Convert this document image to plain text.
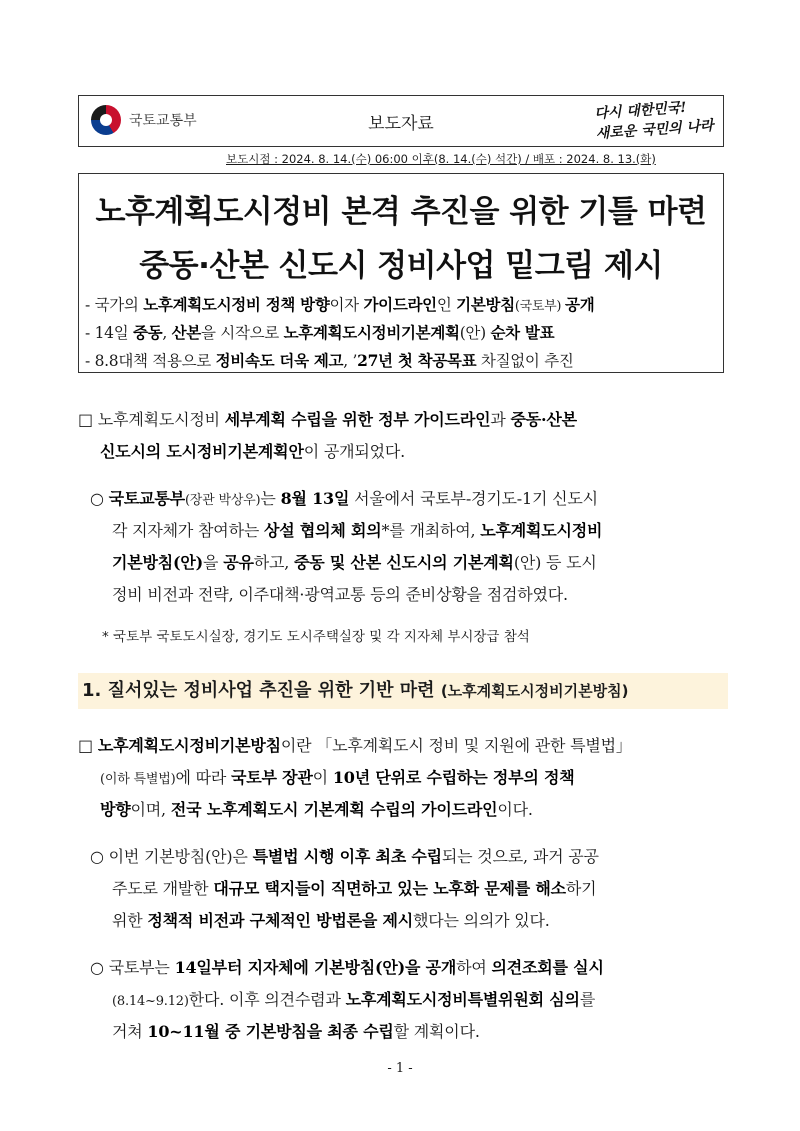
국토교통부	보도자료
다시 대한민국!
새로운 국민의 나라
보도시점 : 2024. 8. 14.(수) 06:00 이후(8. 14.(수) 석간) / 배포 : 2024. 8. 13.(화)
노후계획도시정비 본격 추진을 위한 기틀 마련
중동·산본 신도시 정비사업 밑그림 제시
- 국가의 노후계획도시정비 정책 방향이자 가이드라인인 기본방침(국토부) 공개
- 14일 중동, 산본을 시작으로 노후계획도시정비기본계획(안) 순차 발표
- 8.8대책 적용으로 정비속도 더욱 제고, ’27년 첫 착공목표 차질없이 추진
□ 노후계획도시정비 세부계획 수립을 위한 정부 가이드라인과 중동·산본
신도시의 도시정비기본계획안이 공개되었다.
○ 국토교통부(장관 박상우)는 8월 13일 서울에서 국토부-경기도-1기 신도시
각 지자체가 참여하는 상설 협의체 회의*를 개최하여, 노후계획도시정비
기본방침(안)을 공유하고, 중동 및 산본 신도시의 기본계획(안) 등 도시
정비 비전과 전략, 이주대책·광역교통 등의 준비상황을 점검하였다.
* 국토부 국토도시실장, 경기도 도시주택실장 및 각 지자체 부시장급 참석
1. 질서있는 정비사업 추진을 위한 기반 마련 (노후계획도시정비기본방침)
□ 노후계획도시정비기본방침이란 「노후계획도시 정비 및 지원에 관한 특별법」
(이하 특별법)에 따라 국토부 장관이 10년 단위로 수립하는 정부의 정책
방향이며, 전국 노후계획도시 기본계획 수립의 가이드라인이다.
○ 이번 기본방침(안)은 특별법 시행 이후 최초 수립되는 것으로, 과거 공공
주도로 개발한 대규모 택지들이 직면하고 있는 노후화 문제를 해소하기
위한 정책적 비전과 구체적인 방법론을 제시했다는 의의가 있다.
○ 국토부는 14일부터 지자체에 기본방침(안)을 공개하여 의견조회를 실시
(8.14~9.12)한다. 이후 의견수렴과 노후계획도시정비특별위원회 심의를
거쳐 10~11월 중 기본방침을 최종 수립할 계획이다.
- 1 -
